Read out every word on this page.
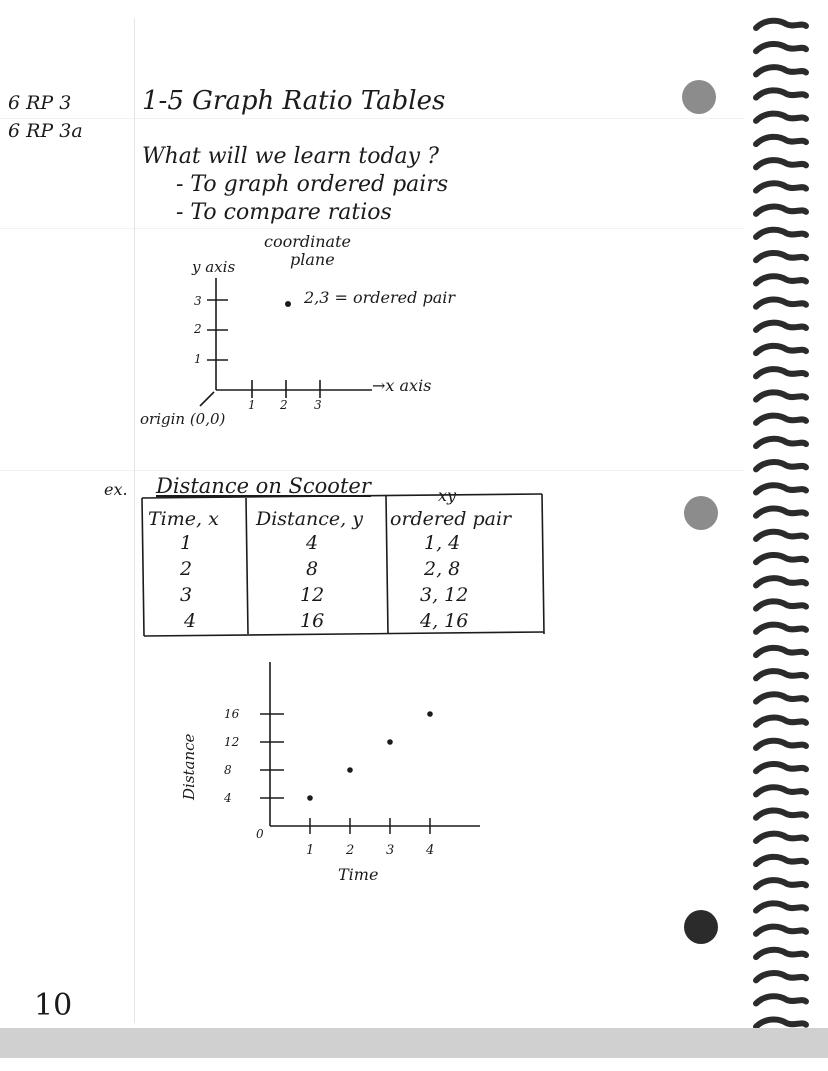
6 RP 3
6 RP 3a
1-5 Graph Ratio Tables
What will we learn today ?
- To graph ordered pairs
- To compare ratios
coordinate
plane
y axis
→x axis
2,3 = ordered pair
origin (0,0)
3
2
1
1 2 3
ex. Distance on Scooter	xy
Time, x Distance, y ordered pair
1	4	1, 4
2	8	2, 8
3	12	3, 12
4	16	4, 16
4
8
12
16
1 2 3 4
0
Time
Distance
10
